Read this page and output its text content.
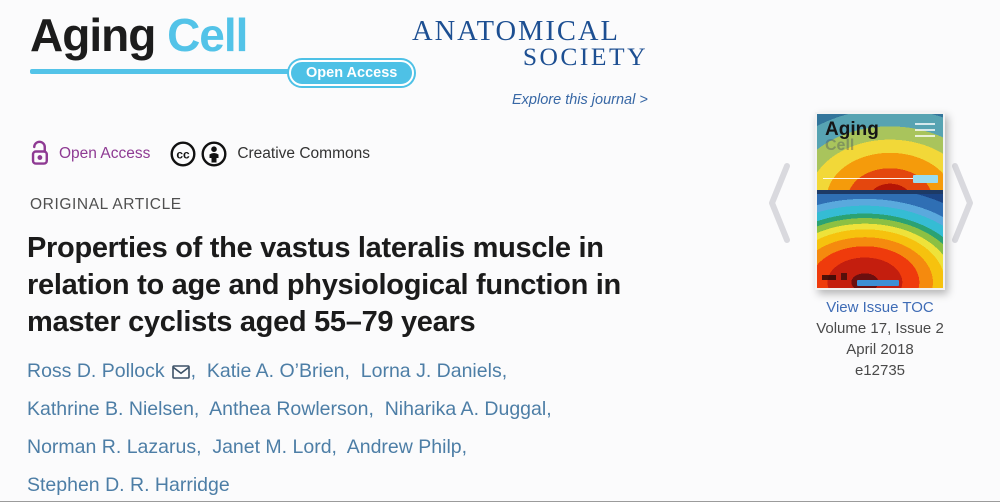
Aging Cell
Open Access
ANATOMICAL
SOCIETY
Explore this journal >
Open Access cc	Creative Commons
ORIGINAL ARTICLE
Properties of the vastus lateralis muscle in
relation to age and physiological function in
master cyclists aged 55–79 years
Ross D. Pollock ,  Katie A. O’Brien,  Lorna J. Daniels,
Kathrine B. Nielsen,  Anthea Rowlerson,  Niharika A. Duggal,
Norman R. Lazarus,  Janet M. Lord,  Andrew Philp,
Stephen D. R. Harridge
Aging
Cell
View Issue TOC
Volume 17, Issue 2
April 2018
e12735
